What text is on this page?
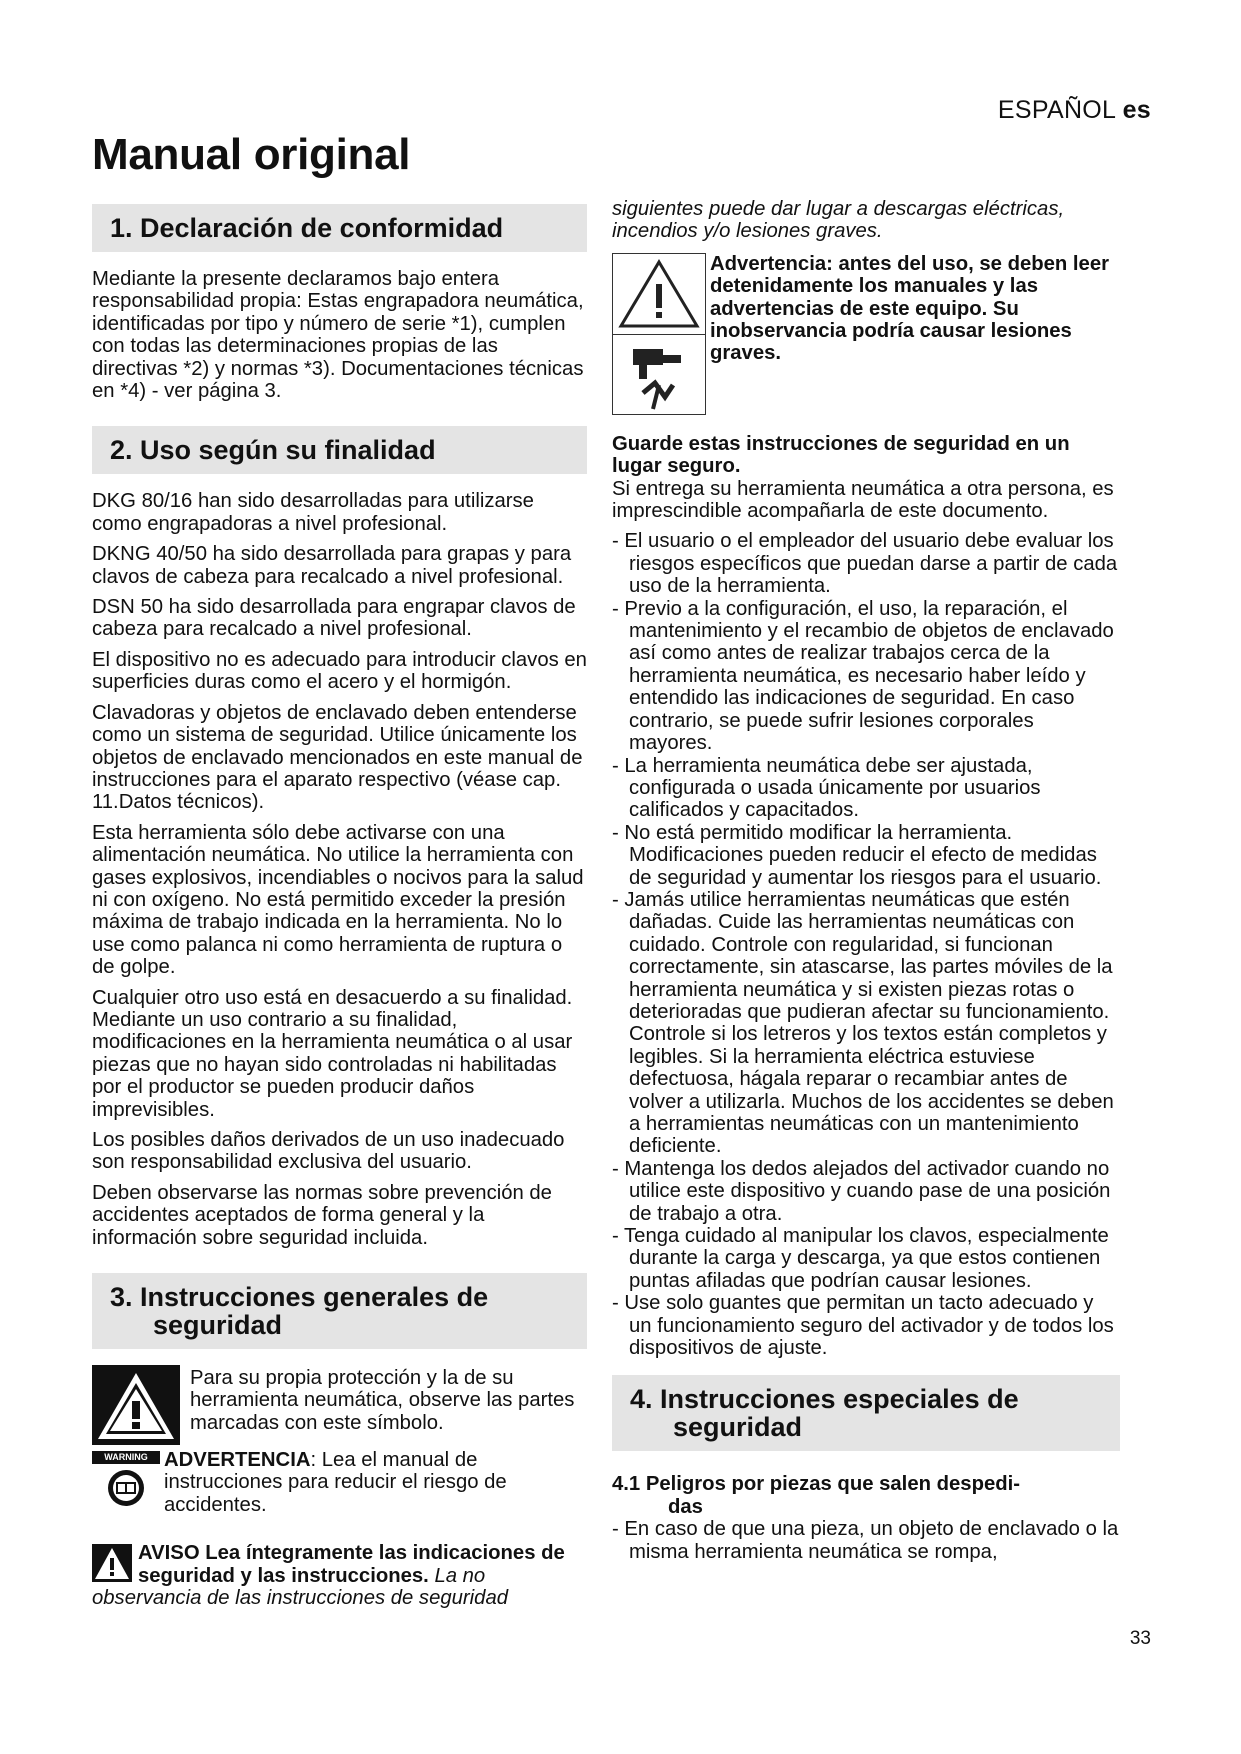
ESPAÑOL es
Manual original
1. Declaración de conformidad

Mediante la presente declaramos bajo entera responsabilidad propia: Estas engrapadora neumática, identificadas por tipo y número de serie *1), cumplen con todas las determinaciones propias de las directivas *2) y normas *3). Documentaciones técnicas en *4) - ver página 3.

2. Uso según su finalidad

DKG 80/16 han sido desarrolladas para utilizarse como engrapadoras a nivel profesional.

DKNG 40/50 ha sido desarrollada para grapas y para clavos de cabeza para recalcado a nivel profesional.

DSN 50 ha sido desarrollada para engrapar clavos de cabeza para recalcado a nivel profesional.

El dispositivo no es adecuado para introducir clavos en superficies duras como el acero y el hormigón.

Clavadoras y objetos de enclavado deben entenderse como un sistema de seguridad. Utilice únicamente los objetos de enclavado mencionados en este manual de instrucciones para el aparato respectivo (véase cap. 11.Datos técnicos).

Esta herramienta sólo debe activarse con una alimentación neumática. No utilice la herramienta con gases explosivos, incendiables o nocivos para la salud ni con oxígeno. No está permitido exceder la presión máxima de trabajo indicada en la herramienta. No lo use como palanca ni como herramienta de ruptura o de golpe.

Cualquier otro uso está en desacuerdo a su finalidad. Mediante un uso contrario a su finalidad, modificaciones en la herramienta neumática o al usar piezas que no hayan sido controladas ni habilitadas por el productor se pueden producir daños imprevisibles.

Los posibles daños derivados de un uso inadecuado son responsabilidad exclusiva del usuario.

Deben observarse las normas sobre prevención de accidentes aceptados de forma general y la información sobre seguridad incluida.

3. Instrucciones generales de
seguridad
Para su propia protección y la de su herramienta neumática, observe las partes marcadas con este símbolo.
WARNING ADVERTENCIA: Lea el manual de instrucciones para reducir el riesgo de accidentes.
AVISO Lea íntegramente las indicaciones de seguridad y las instrucciones. La no observancia de las instrucciones de seguridad

siguientes puede dar lugar a descargas eléctricas, incendios y/o lesiones graves.

Advertencia: antes del uso, se deben leer detenidamente los manuales y las advertencias de este equipo. Su inobservancia podría causar lesiones graves.
Guarde estas instrucciones de seguridad en un lugar seguro.

Si entrega su herramienta neumática a otra persona, es imprescindible acompañarla de este documento.

- El usuario o el empleador del usuario debe evaluar los riesgos específicos que puedan darse a partir de cada uso de la herramienta.

- Previo a la configuración, el uso, la reparación, el mantenimiento y el recambio de objetos de enclavado así como antes de realizar trabajos cerca de la herramienta neumática, es necesario haber leído y entendido las indicaciones de seguridad. En caso contrario, se puede sufrir lesiones corporales mayores.

- La herramienta neumática debe ser ajustada, configurada o usada únicamente por usuarios calificados y capacitados.

- No está permitido modificar la herramienta. Modificaciones pueden reducir el efecto de medidas de seguridad y aumentar los riesgos para el usuario.

- Jamás utilice herramientas neumáticas que estén dañadas. Cuide las herramientas neumáticas con cuidado. Controle con regularidad, si funcionan correctamente, sin atascarse, las partes móviles de la herramienta neumática y si existen piezas rotas o deterioradas que pudieran afectar su funcionamiento. Controle si los letreros y los textos están completos y legibles. Si la herramienta eléctrica estuviese defectuosa, hágala reparar o recambiar antes de volver a utilizarla. Muchos de los accidentes se deben a herramientas neumáticas con un mantenimiento deficiente.

- Mantenga los dedos alejados del activador cuando no utilice este dispositivo y cuando pase de una posición de trabajo a otra.

- Tenga cuidado al manipular los clavos, especialmente durante la carga y descarga, ya que estos contienen puntas afiladas que podrían causar lesiones.

- Use solo guantes que permitan un tacto adecuado y un funcionamiento seguro del activador y de todos los dispositivos de ajuste.

4. Instrucciones especiales de
seguridad
4.1 Peligros por piezas que salen despedi-
das

- En caso de que una pieza, un objeto de enclavado o la misma herramienta neumática se rompa,

33
